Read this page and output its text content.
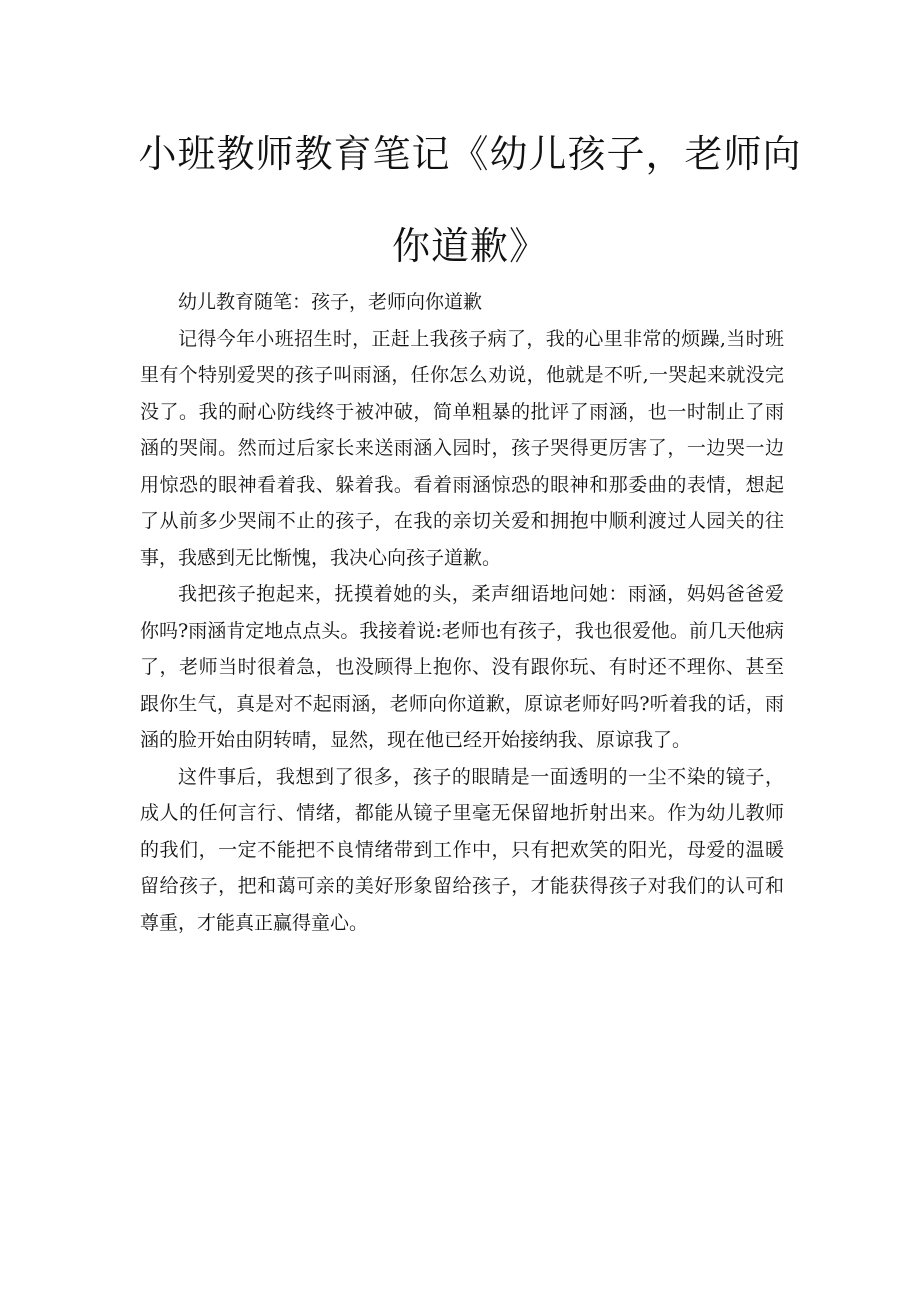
小班教师教育笔记《幼儿孩子，老师向你道歉》

幼儿教育随笔：孩子，老师向你道歉

记得今年小班招生时，正赶上我孩子病了，我的心里非常的烦躁,当时班里有个特别爱哭的孩子叫雨涵，任你怎么劝说，他就是不听,一哭起来就没完没了。我的耐心防线终于被冲破，简单粗暴的批评了雨涵，也一时制止了雨涵的哭闹。然而过后家长来送雨涵入园时，孩子哭得更厉害了，一边哭一边用惊恐的眼神看着我、躲着我。看着雨涵惊恐的眼神和那委曲的表情，想起了从前多少哭闹不止的孩子，在我的亲切关爱和拥抱中顺利渡过人园关的往事，我感到无比惭愧，我决心向孩子道歉。

我把孩子抱起来，抚摸着她的头，柔声细语地问她：雨涵，妈妈爸爸爱你吗?雨涵肯定地点点头。我接着说:老师也有孩子，我也很爱他。前几天他病了，老师当时很着急，也没顾得上抱你、没有跟你玩、有时还不理你、甚至跟你生气，真是对不起雨涵，老师向你道歉，原谅老师好吗?听着我的话，雨涵的脸开始由阴转晴，显然，现在他已经开始接纳我、原谅我了。

这件事后，我想到了很多，孩子的眼睛是一面透明的一尘不染的镜子，成人的任何言行、情绪，都能从镜子里毫无保留地折射出来。作为幼儿教师的我们，一定不能把不良情绪带到工作中，只有把欢笑的阳光，母爱的温暖留给孩子，把和蔼可亲的美好形象留给孩子，才能获得孩子对我们的认可和尊重，才能真正赢得童心。
